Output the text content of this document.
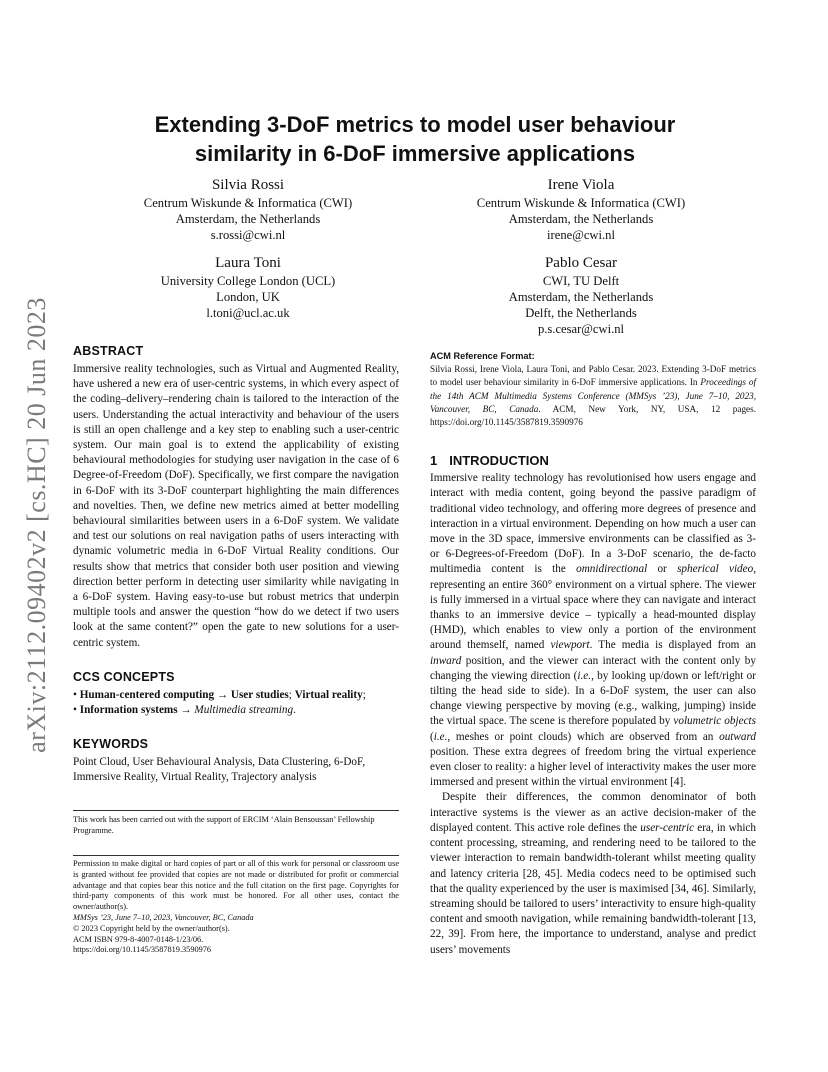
arXiv:2112.09402v2 [cs.HC] 20 Jun 2023
Extending 3-DoF metrics to model user behaviour
similarity in 6-DoF immersive applications
Silvia Rossi
Centrum Wiskunde & Informatica (CWI)
Amsterdam, the Netherlands
s.rossi@cwi.nl
Irene Viola
Centrum Wiskunde & Informatica (CWI)
Amsterdam, the Netherlands
irene@cwi.nl
Laura Toni
University College London (UCL)
London, UK
l.toni@ucl.ac.uk
Pablo Cesar
CWI, TU Delft
Amsterdam, the Netherlands
Delft, the Netherlands
p.s.cesar@cwi.nl
ABSTRACT

Immersive reality technologies, such as Virtual and Augmented Reality, have ushered a new era of user-centric systems, in which every aspect of the coding–delivery–rendering chain is tailored to the interaction of the users. Understanding the actual interactivity and behaviour of the users is still an open challenge and a key step to enabling such a user-centric system. Our main goal is to extend the applicability of existing behavioural methodologies for studying user navigation in the case of 6 Degree-of-Freedom (DoF). Specifically, we first compare the navigation in 6-DoF with its 3-DoF counterpart highlighting the main differences and novelties. Then, we define new metrics aimed at better modelling behavioural similarities between users in a 6-DoF system. We validate and test our solutions on real navigation paths of users interacting with dynamic volumetric media in 6-DoF Virtual Reality conditions. Our results show that metrics that consider both user position and viewing direction better perform in detecting user similarity while navigating in a 6-DoF system. Having easy-to-use but robust metrics that underpin multiple tools and answer the question “how do we detect if two users look at the same content?” open the gate to new solutions for a user-centric system.

CCS CONCEPTS
• Human-centered computing → User studies; Virtual reality;
• Information systems → Multimedia streaming.
KEYWORDS

Point Cloud, User Behavioural Analysis, Data Clustering, 6-DoF, Immersive Reality, Virtual Reality, Trajectory analysis

This work has been carried out with the support of ERCIM ‘Alain Bensoussan’ Fellowship Programme.
Permission to make digital or hard copies of part or all of this work for personal or classroom use is granted without fee provided that copies are not made or distributed for profit or commercial advantage and that copies bear this notice and the full citation on the first page. Copyrights for third-party components of this work must be honored. For all other uses, contact the owner/author(s).
MMSys ’23, June 7–10, 2023, Vancouver, BC, Canada
© 2023 Copyright held by the owner/author(s).
ACM ISBN 979-8-4007-0148-1/23/06.
https://doi.org/10.1145/3587819.3590976
ACM Reference Format:
Silvia Rossi, Irene Viola, Laura Toni, and Pablo Cesar. 2023. Extending 3-DoF metrics to model user behaviour similarity in 6-DoF immersive applications. In Proceedings of the 14th ACM Multimedia Systems Conference (MMSys ’23), June 7–10, 2023, Vancouver, BC, Canada. ACM, New York, NY, USA, 12 pages. https://doi.org/10.1145/3587819.3590976
1 INTRODUCTION

Immersive reality technology has revolutionised how users engage and interact with media content, going beyond the passive paradigm of traditional video technology, and offering more degrees of presence and interaction in a virtual environment. Depending on how much a user can move in the 3D space, immersive environments can be classified as 3- or 6-Degrees-of-Freedom (DoF). In a 3-DoF scenario, the de-facto multimedia content is the omnidirectional or spherical video, representing an entire 360° environment on a virtual sphere. The viewer is fully immersed in a virtual space where they can navigate and interact thanks to an immersive device – typically a head-mounted display (HMD), which enables to view only a portion of the environment around themself, named viewport. The media is displayed from an inward position, and the viewer can interact with the content only by changing the viewing direction (i.e., by looking up/down or left/right or tilting the head side to side). In a 6-DoF system, the user can also change viewing perspective by moving (e.g., walking, jumping) inside the virtual space. The scene is therefore populated by volumetric objects (i.e., meshes or point clouds) which are observed from an outward position. These extra degrees of freedom bring the virtual experience even closer to reality: a higher level of interactivity makes the user more immersed and present within the virtual environment [4].

Despite their differences, the common denominator of both interactive systems is the viewer as an active decision-maker of the displayed content. This active role defines the user-centric era, in which content processing, streaming, and rendering need to be tailored to the viewer interaction to remain bandwidth-tolerant whilst meeting quality and latency criteria [28, 45]. Media codecs need to be optimised such that the quality experienced by the user is maximised [34, 46]. Similarly, streaming should be tailored to users’ interactivity to ensure high-quality content and smooth navigation, while remaining bandwidth-tolerant [13, 22, 39]. From here, the importance to understand, analyse and predict users’ movements
